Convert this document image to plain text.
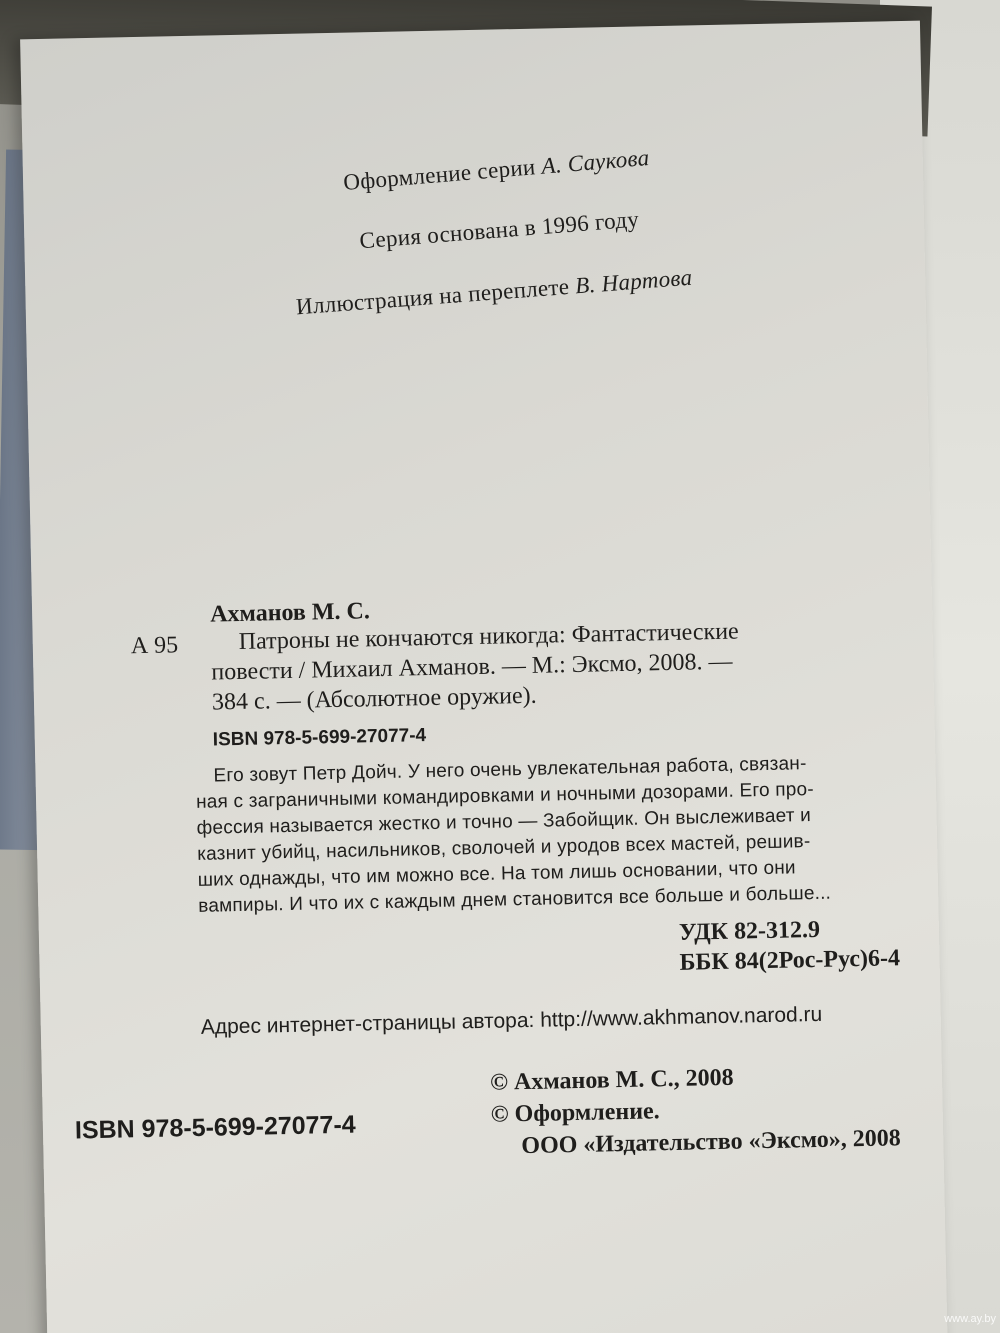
Оформление серии А. Саукова
Серия основана в 1996 году
Иллюстрация на переплете В. Нартова
Ахманов М. С.
А 95	Патроны не кончаются никогда: Фантастические
повести / Михаил Ахманов. — М.: Эксмо, 2008. —
384 с. — (Абсолютное оружие).
ISBN 978-5-699-27077-4
Его зовут Петр Дойч. У него очень увлекательная работа, связан-
ная с заграничными командировками и ночными дозорами. Его про-
фессия называется жестко и точно — Забойщик. Он выслеживает и
казнит убийц, насильников, сволочей и уродов всех мастей, решив-
ших однажды, что им можно все. На том лишь основании, что они
вампиры. И что их с каждым днем становится все больше и больше...
УДК 82-312.9
ББК 84(2Рос-Рус)6-4
Адрес интернет-страницы автора: http://www.akhmanov.narod.ru
© Ахманов М. С., 2008
ISBN 978-5-699-27077-4	© Оформление.
ООО «Издательство «Эксмо», 2008
www.ay.by
